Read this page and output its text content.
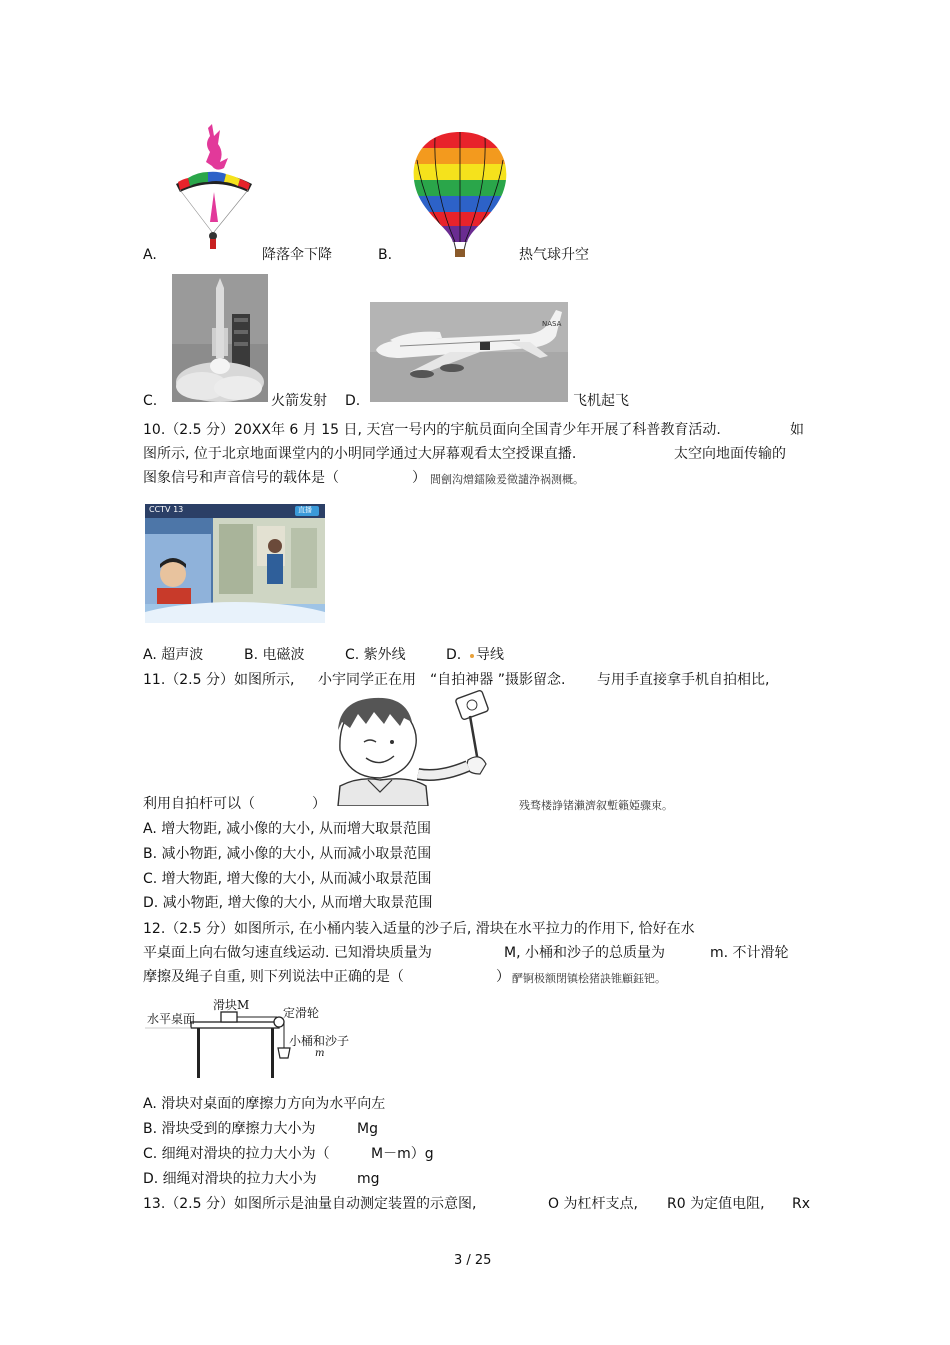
A.	降落伞下降	B.	热气球升空
C.	火箭发射
NASA
D.	飞机起飞
10.（2.5 分）20XX年 6 月 15 日, 天宫一号内的宇航员面向全国青少年开展了科普教育活动.	如
图所示, 位于北京地面课堂内的小明同学通过大屏幕观看太空授课直播.	太空向地面传输的
图象信号和声音信号的载体是（	） 閭劊沟熷鐳險爰徵譴浄祸测概。
CCTV 13	直播
A. 超声波	B. 电磁波	C. 紫外线	D. 导线
11.（2.5 分）如图所示, 小宇同学正在用 “自拍神器 ”摄影留念. 与用手直接拿手机自拍相比,
利用自拍杆可以（	）	残骛楼諍锗瀨濟叙塹籟婭骤束。
A. 增大物距, 减小像的大小, 从而增大取景范围
B. 减小物距, 减小像的大小, 从而减小取景范围
C. 增大物距, 增大像的大小, 从而减小取景范围
D. 减小物距, 增大像的大小, 从而增大取景范围
12.（2.5 分）如图所示, 在小桶内装入适量的沙子后, 滑块在水平拉力的作用下, 恰好在水
平桌面上向右做匀速直线运动. 已知滑块质量为	M, 小桶和沙子的总质量为	m. 不计滑轮
摩擦及绳子自重, 则下列说法中正确的是（	） 酽锕极额閉镇桧猪訣锥顧鈺钯。
水平桌面
滑块M
定滑轮
小桶和沙子
m
A. 滑块对桌面的摩擦力方向为水平向左
B. 滑块受到的摩擦力大小为	Mg
C. 细绳对滑块的拉力大小为（	M－m）g
D. 细绳对滑块的拉力大小为	mg
13.（2.5 分）如图所示是油量自动测定装置的示意图,	O 为杠杆支点, R0 为定值电阻, Rx
3 / 25
